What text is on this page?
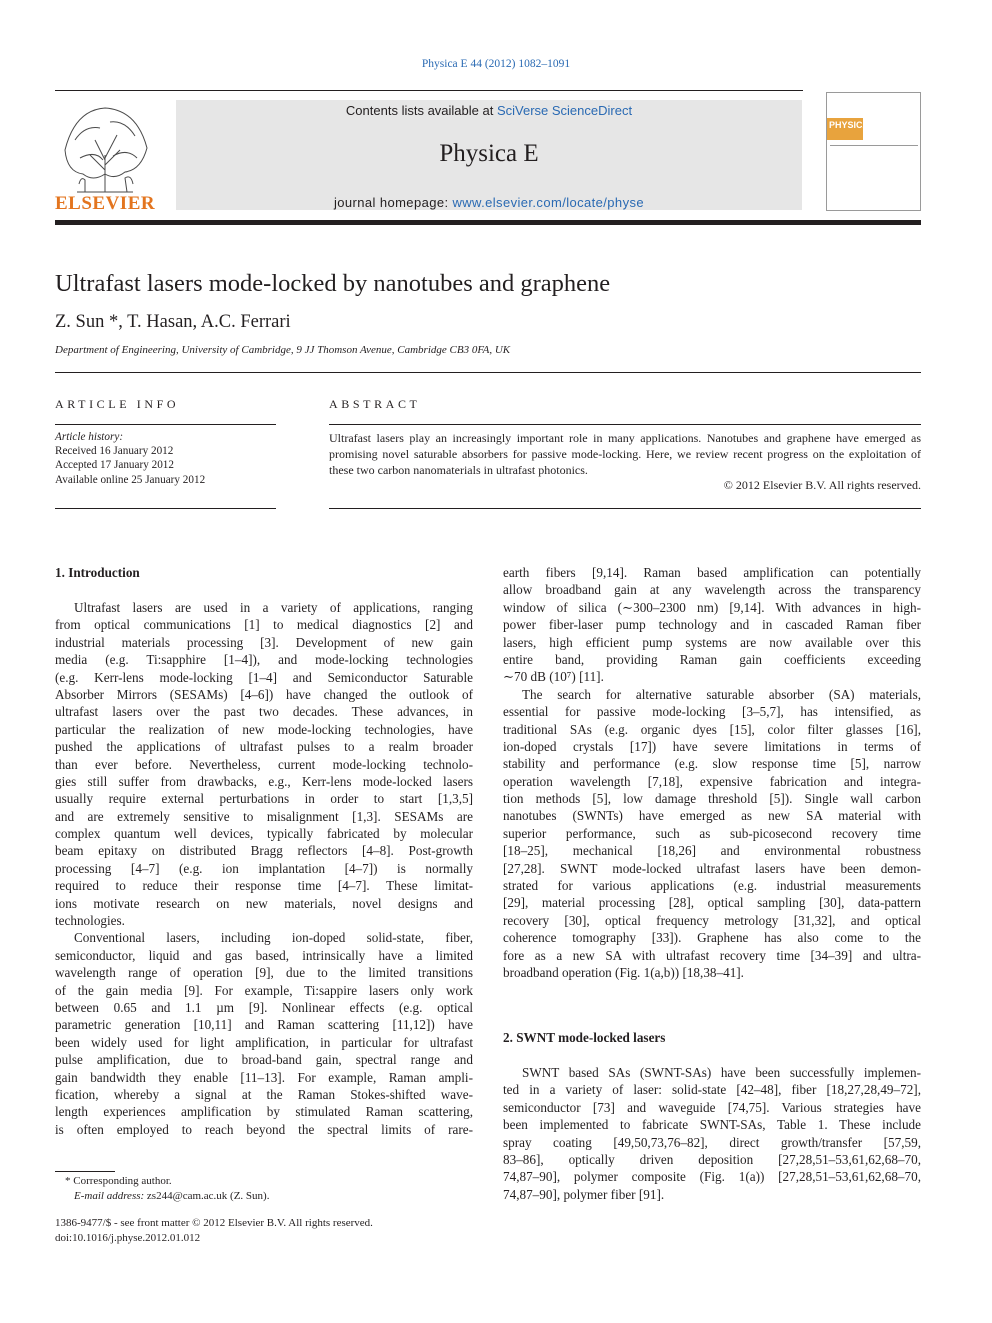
Physica E 44 (2012) 1082–1091
ELSEVIER
Contents lists available at SciVerse ScienceDirect
Physica E
journal homepage: www.elsevier.com/locate/physe
PHYSICA
Ultrafast lasers mode-locked by nanotubes and graphene
Z. Sun *, T. Hasan, A.C. Ferrari
Department of Engineering, University of Cambridge, 9 JJ Thomson Avenue, Cambridge CB3 0FA, UK
ARTICLE INFO	ABSTRACT
Article history:
Received 16 January 2012
Accepted 17 January 2012
Available online 25 January 2012
Ultrafast lasers play an increasingly important role in many applications. Nanotubes and graphene have emerged as promising novel saturable absorbers for passive mode-locking. Here, we review recent progress on the exploitation of these two carbon nanomaterials in ultrafast photonics.
© 2012 Elsevier B.V. All rights reserved.
1. Introduction
Ultrafast lasers are used in a variety of applications, ranging
from optical communications [1] to medical diagnostics [2] and
industrial materials processing [3]. Development of new gain
media (e.g. Ti:sapphire [1–4]), and mode-locking technologies
(e.g. Kerr-lens mode-locking [1–4] and Semiconductor Saturable
Absorber Mirrors (SESAMs) [4–6]) have changed the outlook of
ultrafast lasers over the past two decades. These advances, in
particular the realization of new mode-locking technologies, have
pushed the applications of ultrafast pulses to a realm broader
than ever before. Nevertheless, current mode-locking technolo-
gies still suffer from drawbacks, e.g., Kerr-lens mode-locked lasers
usually require external perturbations in order to start [1,3,5]
and are extremely sensitive to misalignment [1,3]. SESAMs are
complex quantum well devices, typically fabricated by molecular
beam epitaxy on distributed Bragg reflectors [4–8]. Post-growth
processing [4–7] (e.g. ion implantation [4–7]) is normally
required to reduce their response time [4–7]. These limitat-
ions motivate research on new materials, novel designs and
technologies.
Conventional lasers, including ion-doped solid-state, fiber,
semiconductor, liquid and gas based, intrinsically have a limited
wavelength range of operation [9], due to the limited transitions
of the gain media [9]. For example, Ti:sappire lasers only work
between 0.65 and 1.1 µm [9]. Nonlinear effects (e.g. optical
parametric generation [10,11] and Raman scattering [11,12]) have
been widely used for light amplification, in particular for ultrafast
pulse amplification, due to broad-band gain, spectral range and
gain bandwidth they enable [11–13]. For example, Raman ampli-
fication, whereby a signal at the Raman Stokes-shifted wave-
length experiences amplification by stimulated Raman scattering,
is often employed to reach beyond the spectral limits of rare-
earth fibers [9,14]. Raman based amplification can potentially
allow broadband gain at any wavelength across the transparency
window of silica (∼300–2300 nm) [9,14]. With advances in high-
power fiber-laser pump technology and in cascaded Raman fiber
lasers, high efficient pump systems are now available over this
entire band, providing Raman gain coefficients exceeding
∼70 dB (10⁷) [11].
The search for alternative saturable absorber (SA) materials,
essential for passive mode-locking [3–5,7], has intensified, as
traditional SAs (e.g. organic dyes [15], color filter glasses [16],
ion-doped crystals [17]) have severe limitations in terms of
stability and performance (e.g. slow response time [5], narrow
operation wavelength [7,18], expensive fabrication and integra-
tion methods [5], low damage threshold [5]). Single wall carbon
nanotubes (SWNTs) have emerged as new SA material with
superior performance, such as sub-picosecond recovery time
[18–25], mechanical [18,26] and environmental robustness
[27,28]. SWNT mode-locked ultrafast lasers have been demon-
strated for various applications (e.g. industrial measurements
[29], material processing [28], optical sampling [30], data-pattern
recovery [30], optical frequency metrology [31,32], and optical
coherence tomography [33]). Graphene has also come to the
fore as a new SA with ultrafast recovery time [34–39] and ultra-
broadband operation (Fig. 1(a,b)) [18,38–41].
2. SWNT mode-locked lasers
SWNT based SAs (SWNT-SAs) have been successfully implemen-
ted in a variety of laser: solid-state [42–48], fiber [18,27,28,49–72],
semiconductor [73] and waveguide [74,75]. Various strategies have
been implemented to fabricate SWNT-SAs, Table 1. These include
spray coating [49,50,73,76–82], direct growth/transfer [57,59,
83–86], optically driven deposition [27,28,51–53,61,62,68–70,
74,87–90], polymer composite (Fig. 1(a)) [27,28,51–53,61,62,68–70,
74,87–90], polymer fiber [91].
* Corresponding author.
E-mail address: zs244@cam.ac.uk (Z. Sun).
1386-9477/$ - see front matter © 2012 Elsevier B.V. All rights reserved.
doi:10.1016/j.physe.2012.01.012
